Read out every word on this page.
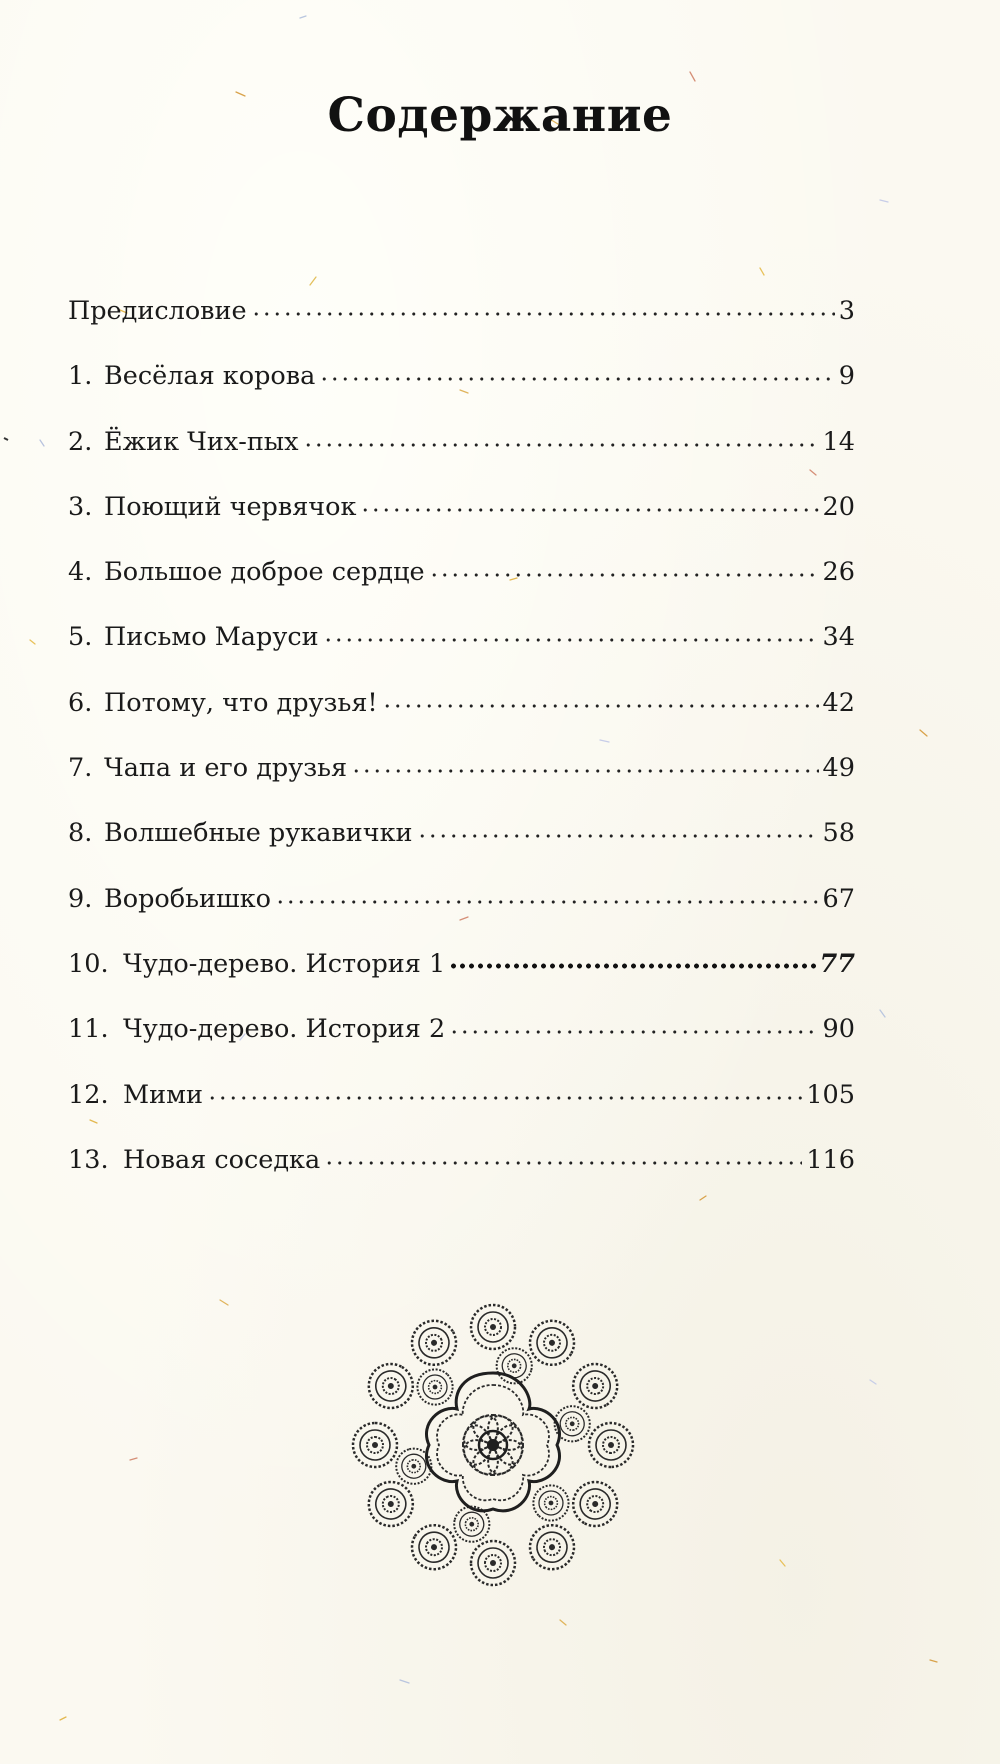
Содержание
Предисловие	3
1. Весёлая корова	9
2. Ёжик Чих-пых	14
3. Поющий червячок	20
4. Большое доброе сердце	26
5. Письмо Маруси	34
6. Потому, что друзья!	42
7. Чапа и его друзья	49
8. Волшебные рукавички	58
9. Воробьишко	67
10. Чудо-дерево. История 1	77
11. Чудо-дерево. История 2	90
12. Мими	105
13. Новая соседка	116
